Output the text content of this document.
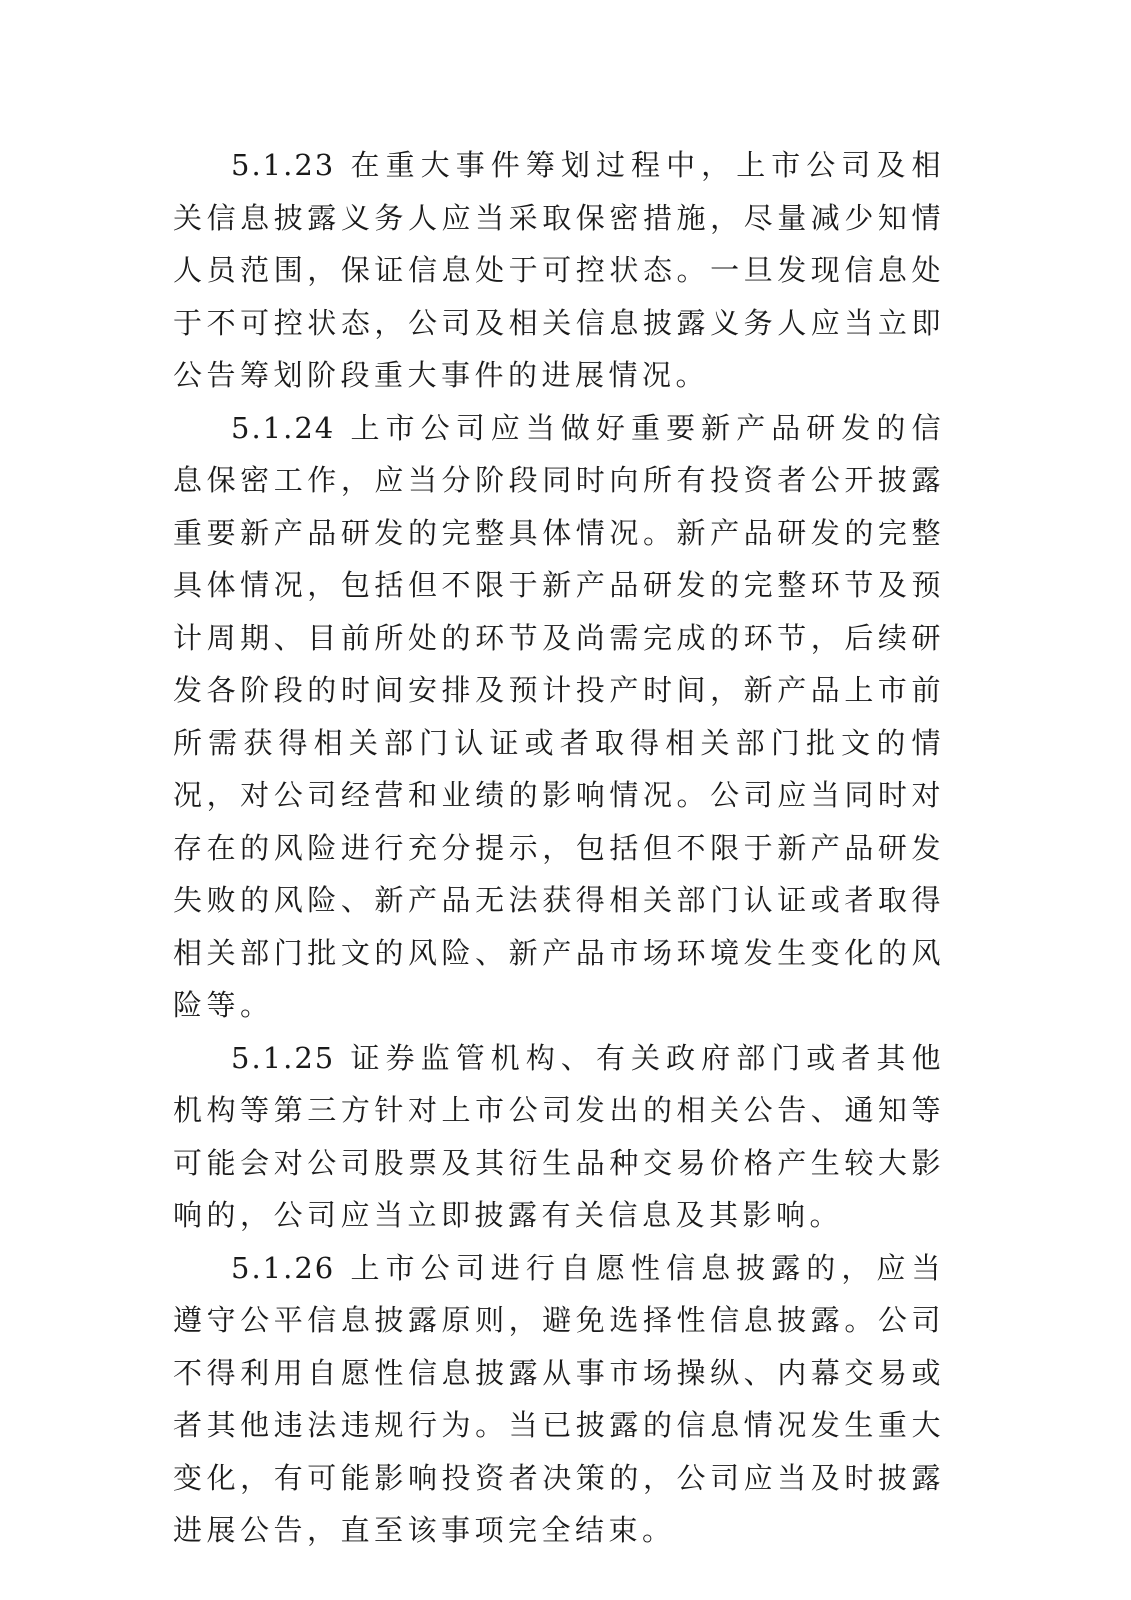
5.1.23 在重大事件筹划过程中，上市公司及相关信息披露义务人应当采取保密措施，尽量减少知情人员范围，保证信息处于可控状态。一旦发现信息处于不可控状态，公司及相关信息披露义务人应当立即公告筹划阶段重大事件的进展情况。

5.1.24 上市公司应当做好重要新产品研发的信息保密工作，应当分阶段同时向所有投资者公开披露重要新产品研发的完整具体情况。新产品研发的完整具体情况，包括但不限于新产品研发的完整环节及预计周期、目前所处的环节及尚需完成的环节，后续研发各阶段的时间安排及预计投产时间，新产品上市前所需获得相关部门认证或者取得相关部门批文的情况，对公司经营和业绩的影响情况。公司应当同时对存在的风险进行充分提示，包括但不限于新产品研发失败的风险、新产品无法获得相关部门认证或者取得相关部门批文的风险、新产品市场环境发生变化的风险等。

5.1.25 证券监管机构、有关政府部门或者其他机构等第三方针对上市公司发出的相关公告、通知等可能会对公司股票及其衍生品种交易价格产生较大影响的，公司应当立即披露有关信息及其影响。

5.1.26 上市公司进行自愿性信息披露的，应当遵守公平信息披露原则，避免选择性信息披露。公司不得利用自愿性信息披露从事市场操纵、内幕交易或者其他违法违规行为。当已披露的信息情况发生重大变化，有可能影响投资者决策的，公司应当及时披露进展公告，直至该事项完全结束。
